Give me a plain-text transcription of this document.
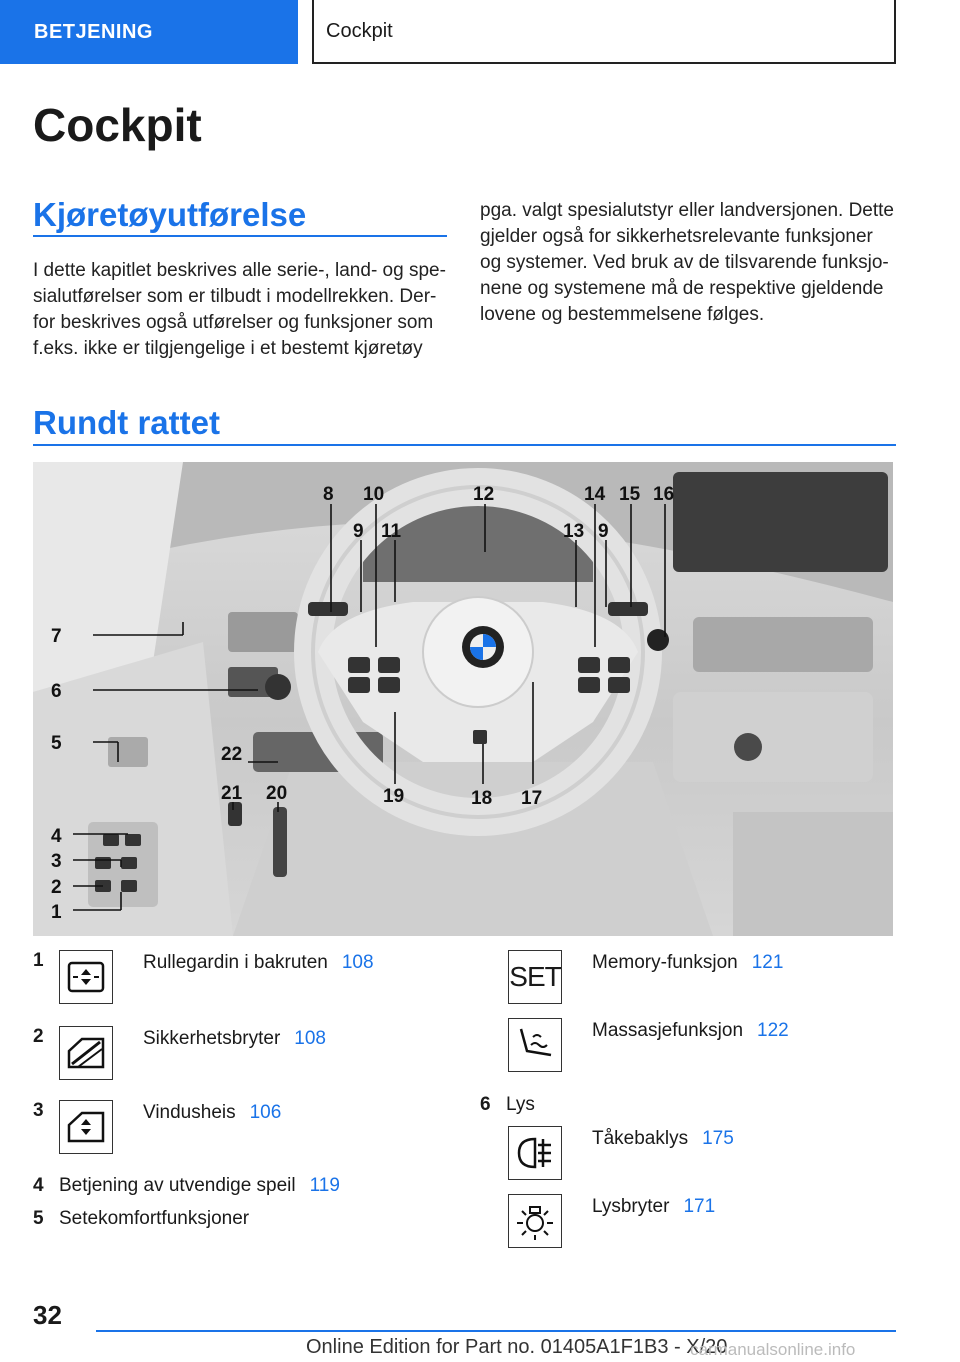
BETJENING	Cockpit
Cockpit
Kjøretøyutførelse

I dette kapitlet beskrives alle serie-, land- og spe-sialutførelser som er tilbudt i modellrekken. Der-for beskrives også utførelser og funksjoner som f.eks. ikke er tilgjengelige i et bestemt kjøretøy

pga. valgt spesialutstyr eller landversjonen. Dette gjelder også for sikkerhetsrelevante funksjoner og systemer. Ved bruk av de tilsvarende funksjo-nene og systemene må de respektive gjeldende lovene og bestemmelsene følges.

Rundt rattet
7
6
5
4
3
2
1
8
9
10
11
12
13
14
9
15 16
17
18
19
20
21
22
1	Rullegardin i bakruten 108
2	Sikkerhetsbryter 108
3	Vindusheis 106
4 Betjening av utvendige speil 119
5 Setekomfortfunksjoner
SET Memory-funksjon 121
Massasjefunksjon 122
6 Lys
Tåkebaklys 175
Lysbryter 171
32
Online Edition for Part no. 01405A1F1B3 - X/20
carmanualsonline.info
